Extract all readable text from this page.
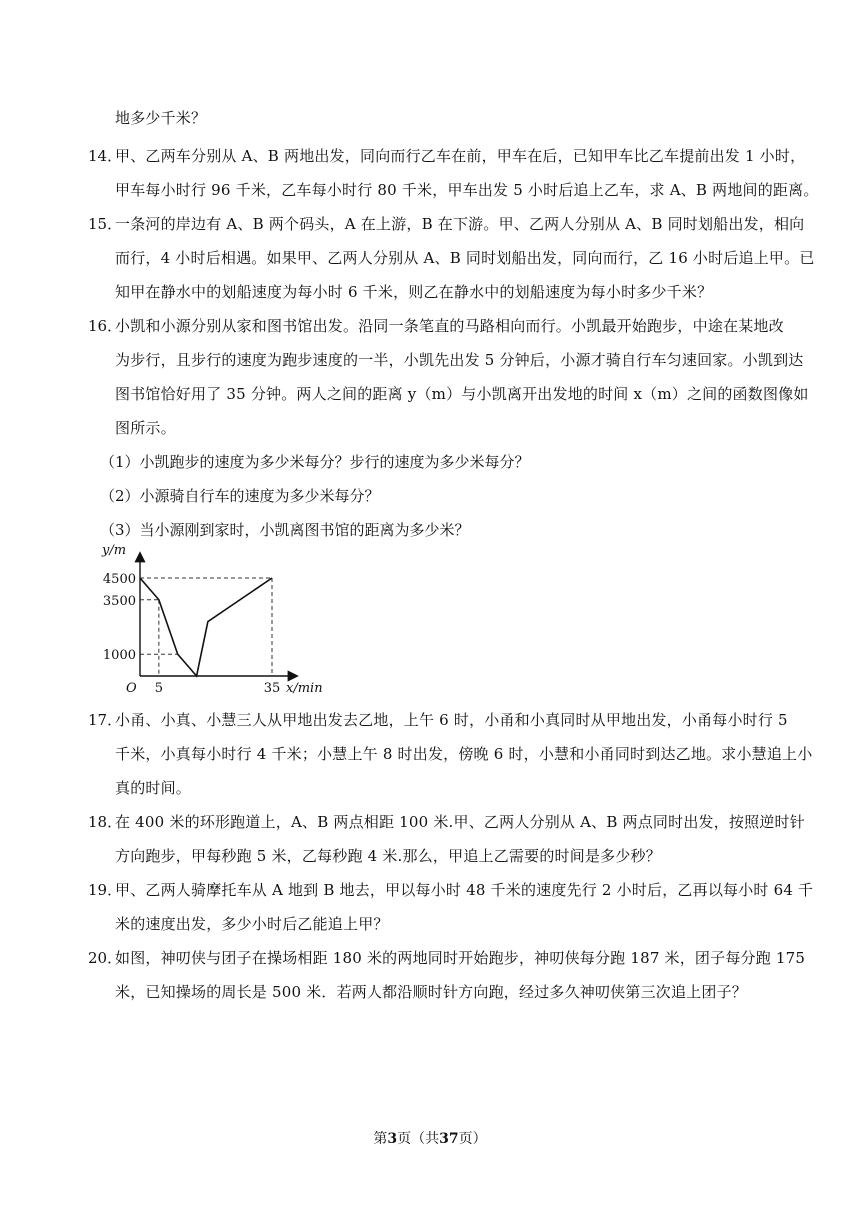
地多少千米？
14．
甲、乙两车分别从 A、B 两地出发，同向而行乙车在前，甲车在后，已知甲车比乙车提前出发 1 小时，
甲车每小时行 96 千米，乙车每小时行 80 千米，甲车出发 5 小时后追上乙车，求 A、B 两地间的距离。
15．
一条河的岸边有 A、B 两个码头，A 在上游，B 在下游。甲、乙两人分别从 A、B 同时划船出发，相向
而行，4 小时后相遇。如果甲、乙两人分别从 A、B 同时划船出发，同向而行，乙 16 小时后追上甲。已
知甲在静水中的划船速度为每小时 6 千米，则乙在静水中的划船速度为每小时多少千米？
16．
小凯和小源分别从家和图书馆出发。沿同一条笔直的马路相向而行。小凯最开始跑步，中途在某地改
为步行，且步行的速度为跑步速度的一半，小凯先出发 5 分钟后，小源才骑自行车匀速回家。小凯到达
图书馆恰好用了 35 分钟。两人之间的距离 y（m）与小凯离开出发地的时间 x（m）之间的函数图像如
图所示。
（1）小凯跑步的速度为多少米每分？步行的速度为多少米每分？
（2）小源骑自行车的速度为多少米每分？
（3）当小源刚到家时，小凯离图书馆的距离为多少米？
y/m
x/min
O
4500
3500
1000
5	35
17．
小甬、小真、小慧三人从甲地出发去乙地，上午 6 时，小甬和小真同时从甲地出发，小甬每小时行 5
千米，小真每小时行 4 千米；小慧上午 8 时出发，傍晚 6 时，小慧和小甬同时到达乙地。求小慧追上小
真的时间。
18．
在 400 米的环形跑道上，A、B 两点相距 100 米.甲、乙两人分别从 A、B 两点同时出发，按照逆时针
方向跑步，甲每秒跑 5 米，乙每秒跑 4 米.那么，甲追上乙需要的时间是多少秒？
19．
甲、乙两人骑摩托车从 A 地到 B 地去，甲以每小时 48 千米的速度先行 2 小时后，乙再以每小时 64 千
米的速度出发，多少小时后乙能追上甲？
20．
如图，神叨侠与团子在操场相距 180 米的两地同时开始跑步，神叨侠每分跑 187 米，团子每分跑 175
米，已知操场的周长是 500 米．若两人都沿顺时针方向跑，经过多久神叨侠第三次追上团子？
第3页（共37页）
